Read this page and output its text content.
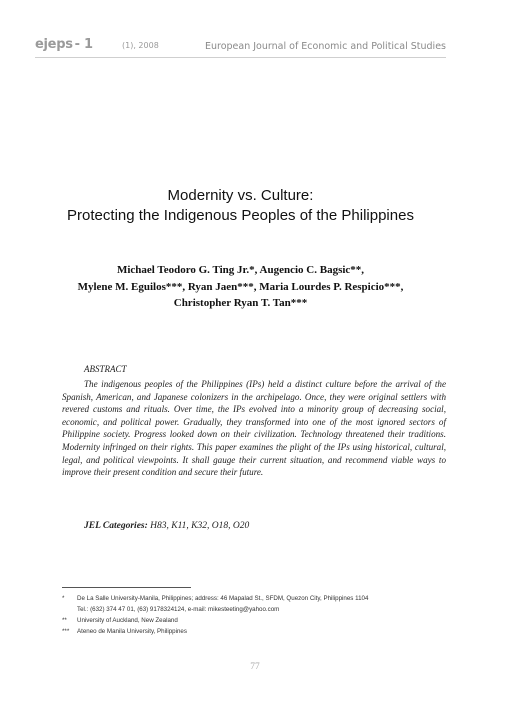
ejeps - 1	(1), 2008	European Journal of Economic and Political Studies
Modernity vs. Culture:
Protecting the Indigenous Peoples of the Philippines
Michael Teodoro G. Ting Jr.*, Augencio C. Bagsic**,
Mylene M. Eguilos***, Ryan Jaen***, Maria Lourdes P. Respicio***,
Christopher Ryan T. Tan***
ABSTRACT
The indigenous peoples of the Philippines (IPs) held a distinct culture before the arrival of the Spanish, American, and Japanese colonizers in the archipelago. Once, they were original settlers with revered customs and rituals. Over time, the IPs evolved into a minority group of decreasing social, economic, and political power. Gradually, they transformed into one of the most ignored sectors of Philippine society. Progress looked down on their civilization. Technology threatened their traditions. Modernity infringed on their rights. This paper examines the plight of the IPs using historical, cultural, legal, and political viewpoints. It shall gauge their current situation, and recommend viable ways to improve their present condition and secure their future.
JEL Categories: H83, K11, K32, O18, O20
* De La Salle University-Manila, Philippines; address: 46 Mapalad St., SFDM, Quezon City, Philippines 1104
Tel.: (632) 374 47 01, (63) 9178324124, e-mail: mikesteeting@yahoo.com
** University of Auckland, New Zealand
*** Ateneo de Manila University, Philippines
77
